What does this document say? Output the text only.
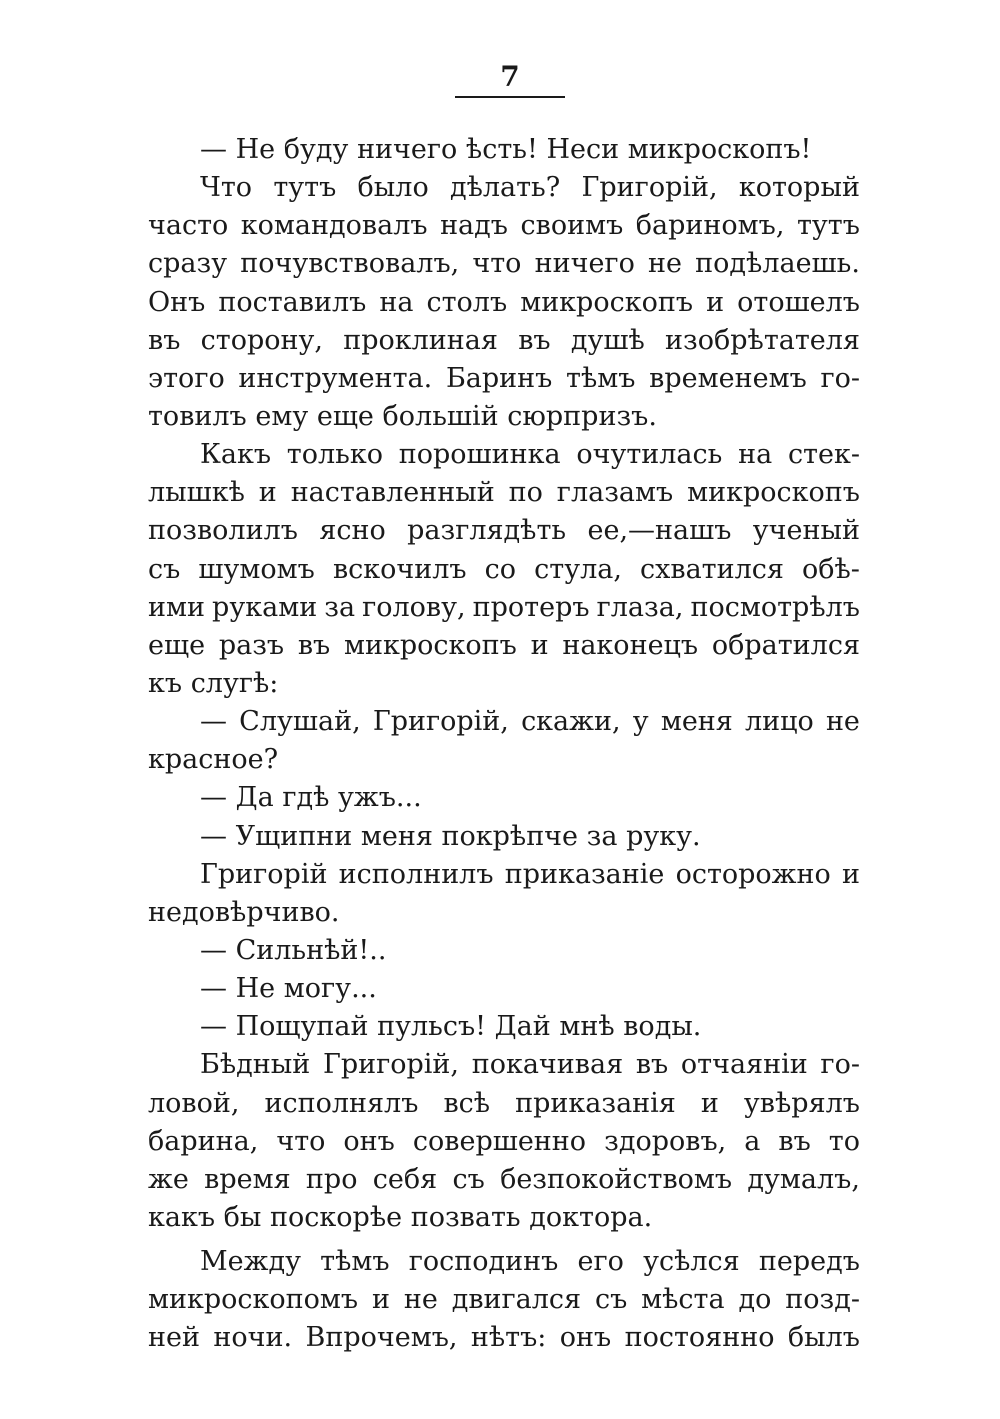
7
— Не буду ничего ѣсть! Неси микроскопъ!
Что тутъ было дѣлать? Григорій, который
часто командовалъ надъ своимъ бариномъ, тутъ
сразу почувствовалъ, что ничего не подѣлаешь.
Онъ поставилъ на столъ микроскопъ и отошелъ
въ сторону, проклиная въ душѣ изобрѣтателя
этого инструмента. Баринъ тѣмъ временемъ го-
товилъ ему еще большій сюрпризъ.
Какъ только порошинка очутилась на стек-
лышкѣ и наставленный по глазамъ микроскопъ
позволилъ ясно разглядѣть ее,—нашъ ученый
съ шумомъ вскочилъ со стула, схватился обѣ-
ими руками за голову, протеръ глаза, посмотрѣлъ
еще разъ въ микроскопъ и наконецъ обратился
къ слугѣ:
— Слушай, Григорій, скажи, у меня лицо не
красное?
— Да гдѣ ужъ...
— Ущипни меня покрѣпче за руку.
Григорій исполнилъ приказаніе осторожно и
недовѣрчиво.
— Сильнѣй!..
— Не могу...
— Пощупай пульсъ! Дай мнѣ воды.
Бѣдный Григорій, покачивая въ отчаяніи го-
ловой, исполнялъ всѣ приказанія и увѣрялъ
барина, что онъ совершенно здоровъ, а въ то
же время про себя съ безпокойствомъ думалъ,
какъ бы поскорѣе позвать доктора.
Между тѣмъ господинъ его усѣлся передъ
микроскопомъ и не двигался съ мѣста до позд-
ней ночи. Впрочемъ, нѣтъ: онъ постоянно былъ
